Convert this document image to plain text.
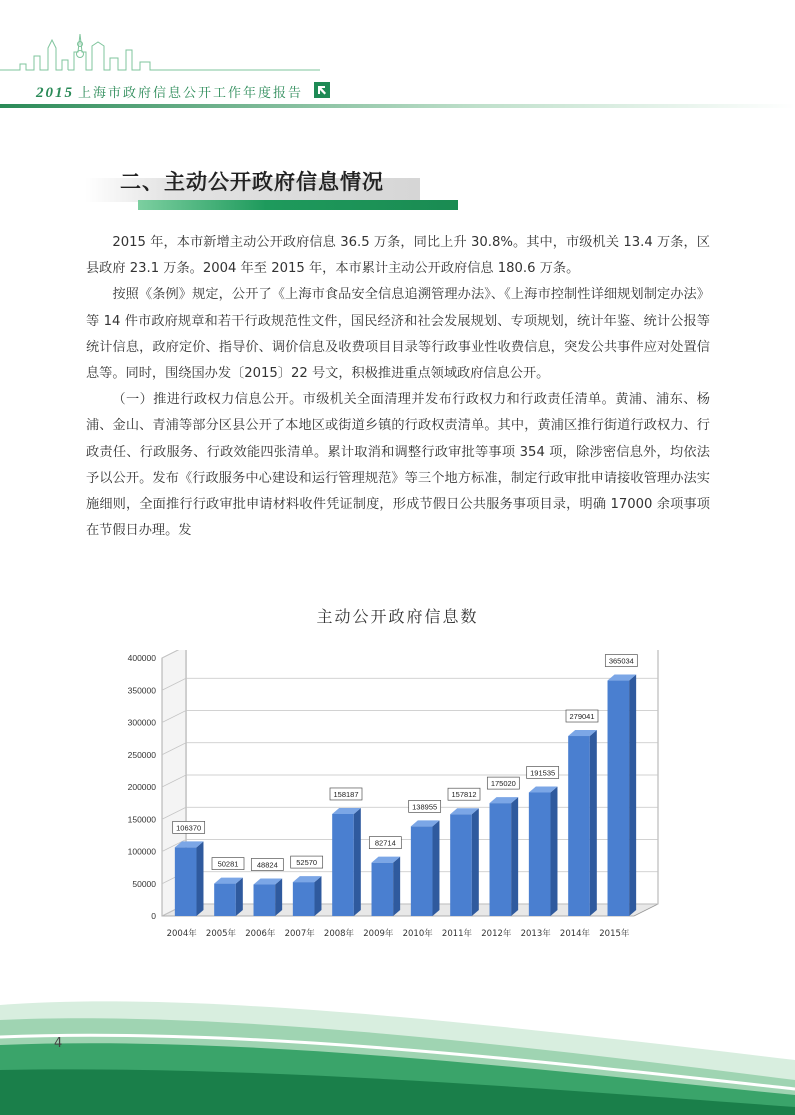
2015 上海市政府信息公开工作年度报告
二、主动公开政府信息情况

2015 年，本市新增主动公开政府信息 36.5 万条，同比上升 30.8%。其中，市级机关 13.4 万条，区县政府 23.1 万条。2004 年至 2015 年，本市累计主动公开政府信息 180.6 万条。

按照《条例》规定，公开了《上海市食品安全信息追溯管理办法》、《上海市控制性详细规划制定办法》等 14 件市政府规章和若干行政规范性文件，国民经济和社会发展规划、专项规划，统计年鉴、统计公报等统计信息，政府定价、指导价、调价信息及收费项目目录等行政事业性收费信息，突发公共事件应对处置信息等。同时，围绕国办发〔2015〕22 号文，积极推进重点领域政府信息公开。

（一）推进行政权力信息公开。市级机关全面清理并发布行政权力和行政责任清单。黄浦、浦东、杨浦、金山、青浦等部分区县公开了本地区或街道乡镇的行政权责清单。其中，黄浦区推行街道行政权力、行政责任、行政服务、行政效能四张清单。累计取消和调整行政审批等事项 354 项，除涉密信息外，均依法予以公开。发布《行政服务中心建设和运行管理规范》等三个地方标准，制定行政审批申请接收管理办法实施细则，全面推行行政审批申请材料收件凭证制度，形成节假日公共服务事项目录，明确 17000 余项事项在节假日办理。发

主动公开政府信息数
0
50000
100000
150000
200000
250000
300000
350000
400000
106370
2004年
50281
2005年
48824
2006年
52570
2007年
158187
2008年
82714
2009年
138955
2010年
157812
2011年
175020
2012年
191535
2013年
279041
2014年
365034
2015年
4
